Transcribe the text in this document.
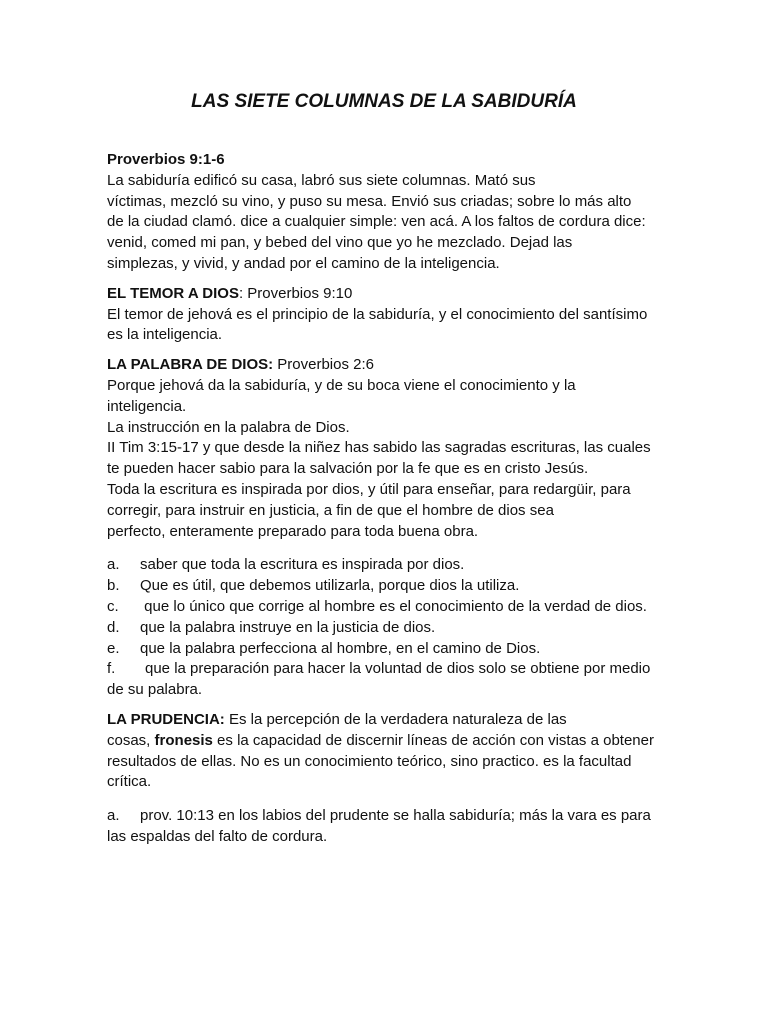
LAS SIETE COLUMNAS DE LA SABIDURÍA

Proverbios 9:1-6

La sabiduría edificó su casa, labró sus siete columnas. Mató sus

víctimas, mezcló su vino, y puso su mesa. Envió sus criadas; sobre lo más alto

de la ciudad clamó. dice a cualquier simple: ven acá. A los faltos de cordura dice:

venid, comed mi pan, y bebed del vino que yo he mezclado. Dejad las

simplezas, y vivid, y andad por el camino de la inteligencia.

EL TEMOR A DIOS: Proverbios 9:10

El temor de jehová es el principio de la sabiduría, y el conocimiento del santísimo

es la inteligencia.

LA PALABRA DE DIOS: Proverbios 2:6

Porque jehová da la sabiduría, y de su boca viene el conocimiento y la

inteligencia.

La instrucción en la palabra de Dios.

II Tim 3:15-17 y que desde la niñez has sabido las sagradas escrituras, las cuales

te pueden hacer sabio para la salvación por la fe que es en cristo Jesús.

Toda la escritura es inspirada por dios, y útil para enseñar, para redargüir, para

corregir, para instruir en justicia, a fin de que el hombre de dios sea

perfecto, enteramente preparado para toda buena obra.

a. saber que toda la escritura es inspirada por dios.

b. Que es útil, que debemos utilizarla, porque dios la utiliza.

c. que lo único que corrige al hombre es el conocimiento de la verdad de dios.

d. que la palabra instruye en la justicia de dios.

e. que la palabra perfecciona al hombre, en el camino de Dios.

f. que la preparación para hacer la voluntad de dios solo se obtiene por medio

de su palabra.

LA PRUDENCIA: Es la percepción de la verdadera naturaleza de las

cosas, fronesis es la capacidad de discernir líneas de acción con vistas a obtener

resultados de ellas. No es un conocimiento teórico, sino practico. es la facultad

crítica.

a. prov. 10:13 en los labios del prudente se halla sabiduría; más la vara es para

las espaldas del falto de cordura.
